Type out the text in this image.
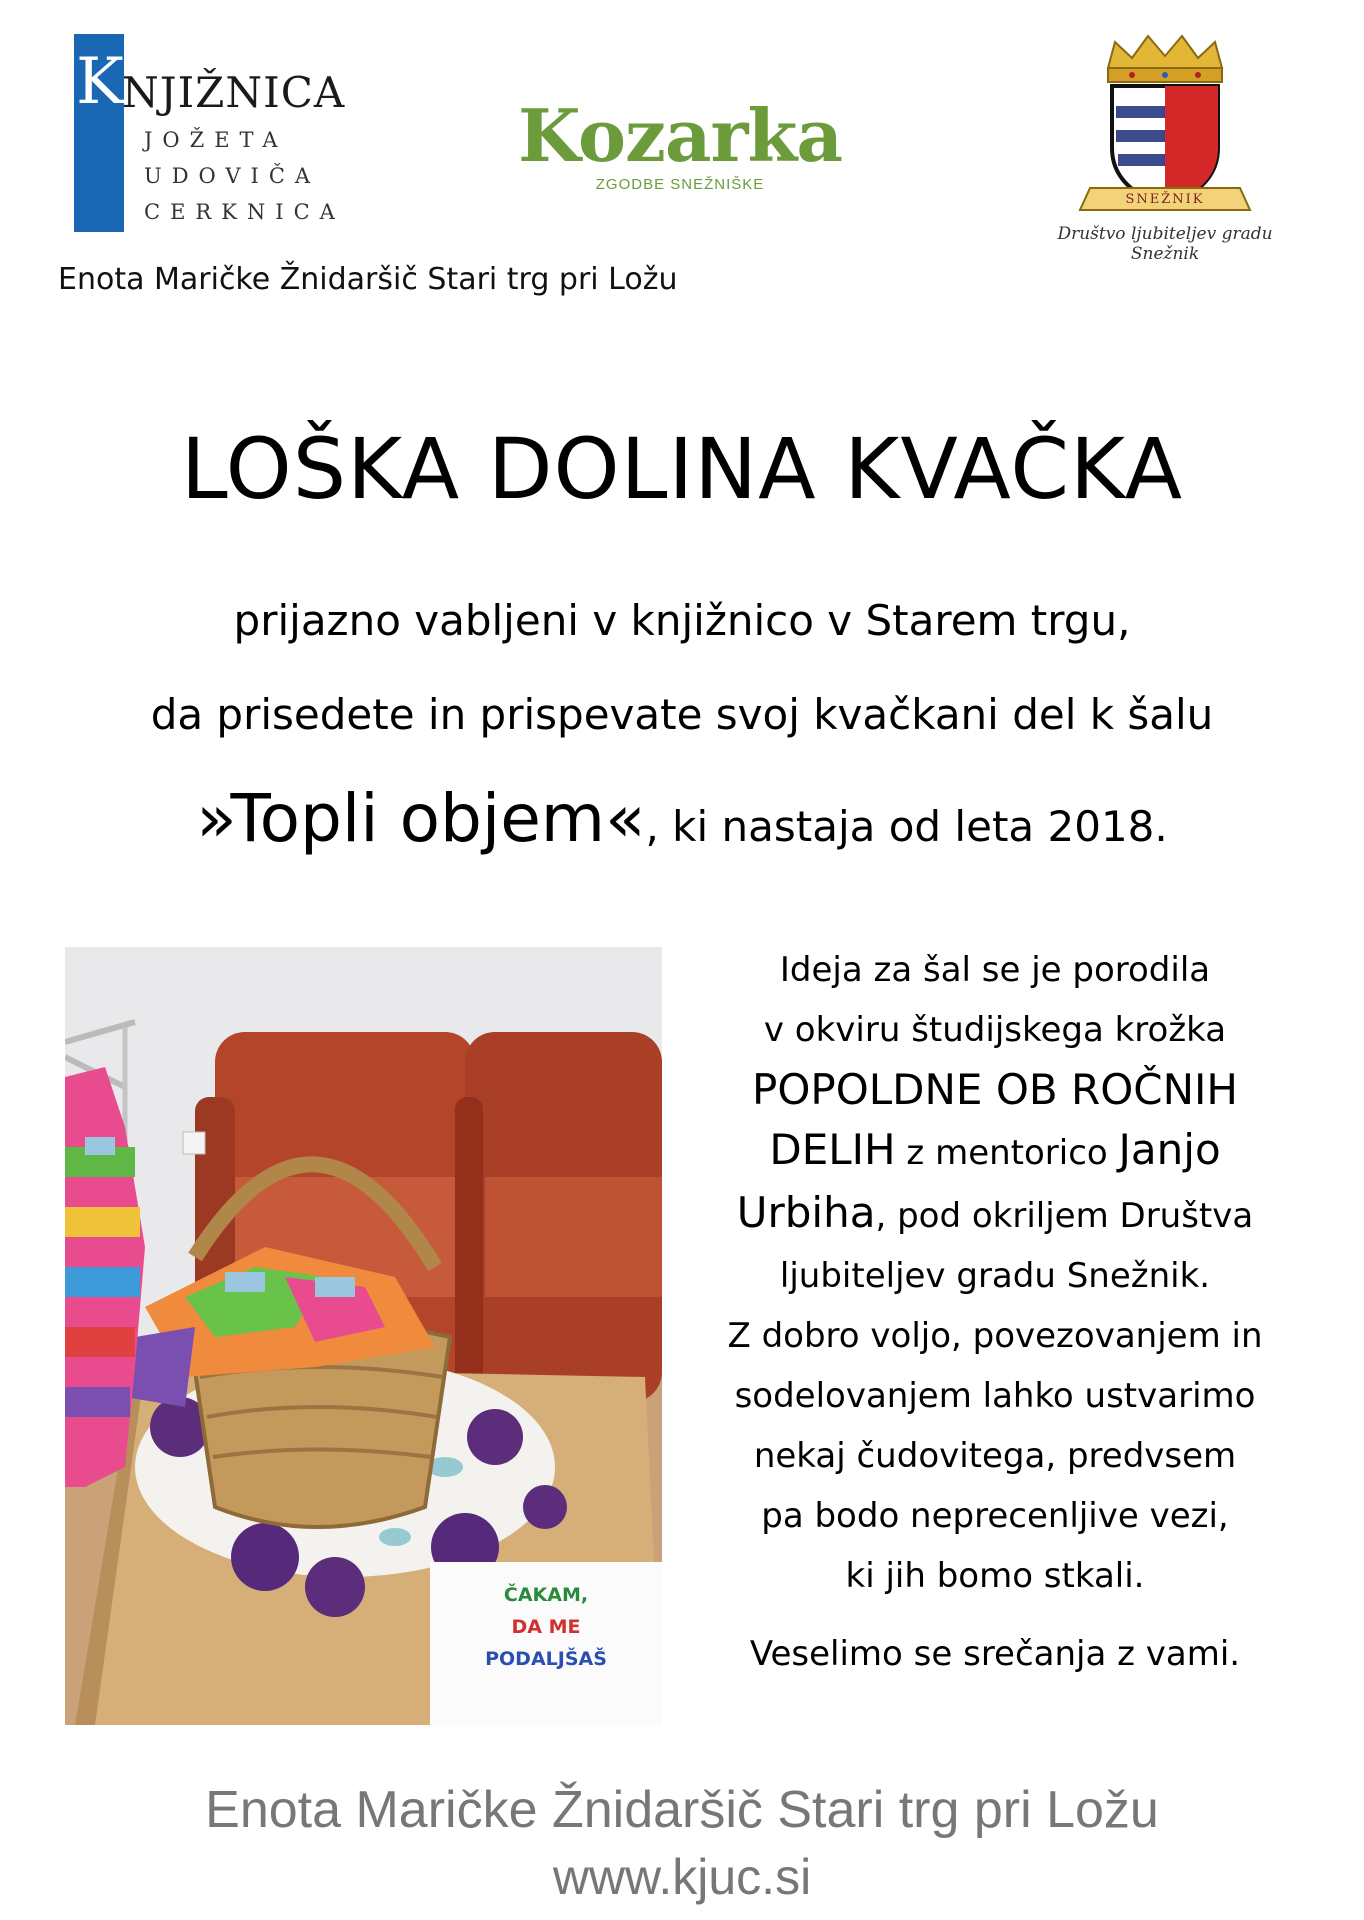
K
NJIŽNICA
JOŽETA
UDOVIČA
CERKNICA
Kozarka
ZGODBE SNEŽNIŠKE
SNEŽNIK
Društvo ljubiteljev gradu Snežnik
Enota Maričke Žnidaršič Stari trg pri Ložu
LOŠKA DOLINA KVAČKA
prijazno vabljeni v knjižnico v Starem trgu,
da prisedete in prispevate svoj kvačkani del k šalu
»Topli objem«, ki nastaja od leta 2018.
ČAKAM,
DA ME
PODALJŠAŠ
Ideja za šal se je porodila
v okviru študijskega krožka
POPOLDNE OB ROČNIH
DELIH z mentorico Janjo
Urbiha, pod okriljem Društva
ljubiteljev gradu Snežnik.
Z dobro voljo, povezovanjem in
sodelovanjem lahko ustvarimo
nekaj čudovitega, predvsem
pa bodo neprecenljive vezi,
ki jih bomo stkali.
Veselimo se srečanja z vami.
Enota Maričke Žnidaršič Stari trg pri Ložu
www.kjuc.si
